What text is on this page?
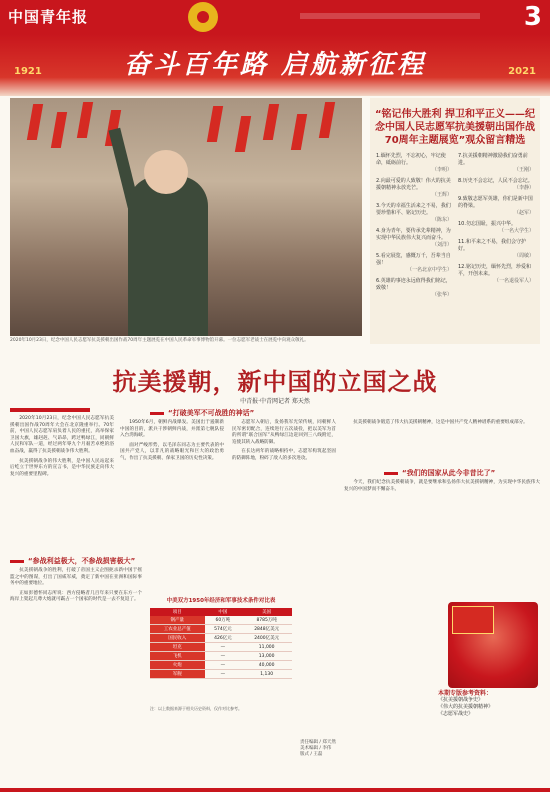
中国青年报	3
1921	奋斗百年路 启航新征程	2021
2020年10月23日，纪念中国人民志愿军抗美援朝出国作战70周年主题展览在中国人民革命军事博物馆开幕。一位志愿军老战士在展览中向观众敬礼。
“铭记伟大胜利 捍卫和平正义——纪念中国人民志愿军抗美援朝出国作战70周年主题展览”观众留言精选
1.缅怀先烈，不忘初心，牢记使命，砥砺前行。
（李明）
2.向最可爱的人致敬！伟大的抗美援朝精神永放光芒。
（王辉）
3.今天的幸福生活来之不易，我们要珍惜和平、铭记历史。
（陈东）
4.身为青年，要传承先辈精神，为实现中华民族伟大复兴而奋斗。
（刘洋）
5.看完展览，感慨万千，吾辈当自强！
（一名北京中学生）
6.英雄的事迹永远值得我们铭记，致敬！
（张华）
7.抗美援朝精神激励我们奋勇前进。
（王刚）
8.历史不会忘记，人民不会忘记。
（李静）
9.致敬志愿军英雄，你们是新中国的脊梁。
（赵军）
10.勿忘国耻，振兴中华。
（一名大学生）
11.和平来之不易，我们会守护好。
（周敏）
12.铭记历史，缅怀先烈，珍爱和平，开创未来。
（一名退役军人）
抗美援朝，新中国的立国之战
中青报·中青网记者 郑天然

2020年10月23日，纪念中国人民志愿军抗美援朝出国作战70周年大会在北京隆重举行。70年前，中国人民志愿军肩负着人民的重托，高举保家卫国大旗，雄赳赳、气昂昂，跨过鸭绿江，同朝鲜人民和军队一道，经过两年零九个月艰苦卓绝的浴血奋战，赢得了抗美援朝战争伟大胜利。

抗美援朝战争的伟大胜利，是中国人民站起来后屹立于世界东方的宣言书，是中华民族走向伟大复兴的重要里程碑。

“打破美军不可战胜的神话”

1950年6月，朝鲜内战爆发。美国出于遏制新中国的目的，派兵干涉朝鲜内战，并派第七舰队侵入台湾海峡。

面对严峻形势，以毛泽东同志为主要代表的中国共产党人，以非凡的战略眼光和巨大的政治勇气，作出了抗美援朝、保家卫国的历史性决策。

志愿军入朝后，发扬我军光荣传统，同朝鲜人民军密切配合，连续进行五次战役，把以美军为首的所谓“联合国军”从鸭绿江边赶回到三八线附近，迫使其转入战略防御。

在长达两年的战略相持中，志愿军构筑起坚固的防御阵地，粉碎了敌人的多次进攻。

“参战利益极大，不参战损害极大”

抗美援朝战争的胜利，打破了帝国主义企图扼杀新中国于摇篮之中的图谋，打出了国威军威，奠定了新中国在亚洲和国际事务中的重要地位。

正如彭德怀同志所说：西方侵略者几百年来只要在东方一个海岸上架起几尊大炮就可霸占一个国家的时代是一去不复返了。

“我们的国家从此今非昔比了”

抗美援朝战争锻造了伟大抗美援朝精神，这是中国共产党人精神谱系的重要组成部分。

今天，我们纪念抗美援朝战争，就是要继承和弘扬伟大抗美援朝精神，为实现中华民族伟大复兴的中国梦而不懈奋斗。

中美双方1950年经济和军事技术条件对比表
项目	中国	美国
钢产量	60万吨	8785万吨
工农业总产值	574亿元	2848亿美元
国民收入	426亿元	2400亿美元
坦克	—	11,000
飞机	—	13,000
火炮	—	40,000
军舰	—	1,130
注：以上数据来源于相关历史资料，仅作对比参考。
本期专版参考资料：
《抗美援朝战争史》
《伟大的抗美援朝精神》
《志愿军战史》
责任编辑 / 郑天然
美术编辑 / 李伟
版式 / 王磊
